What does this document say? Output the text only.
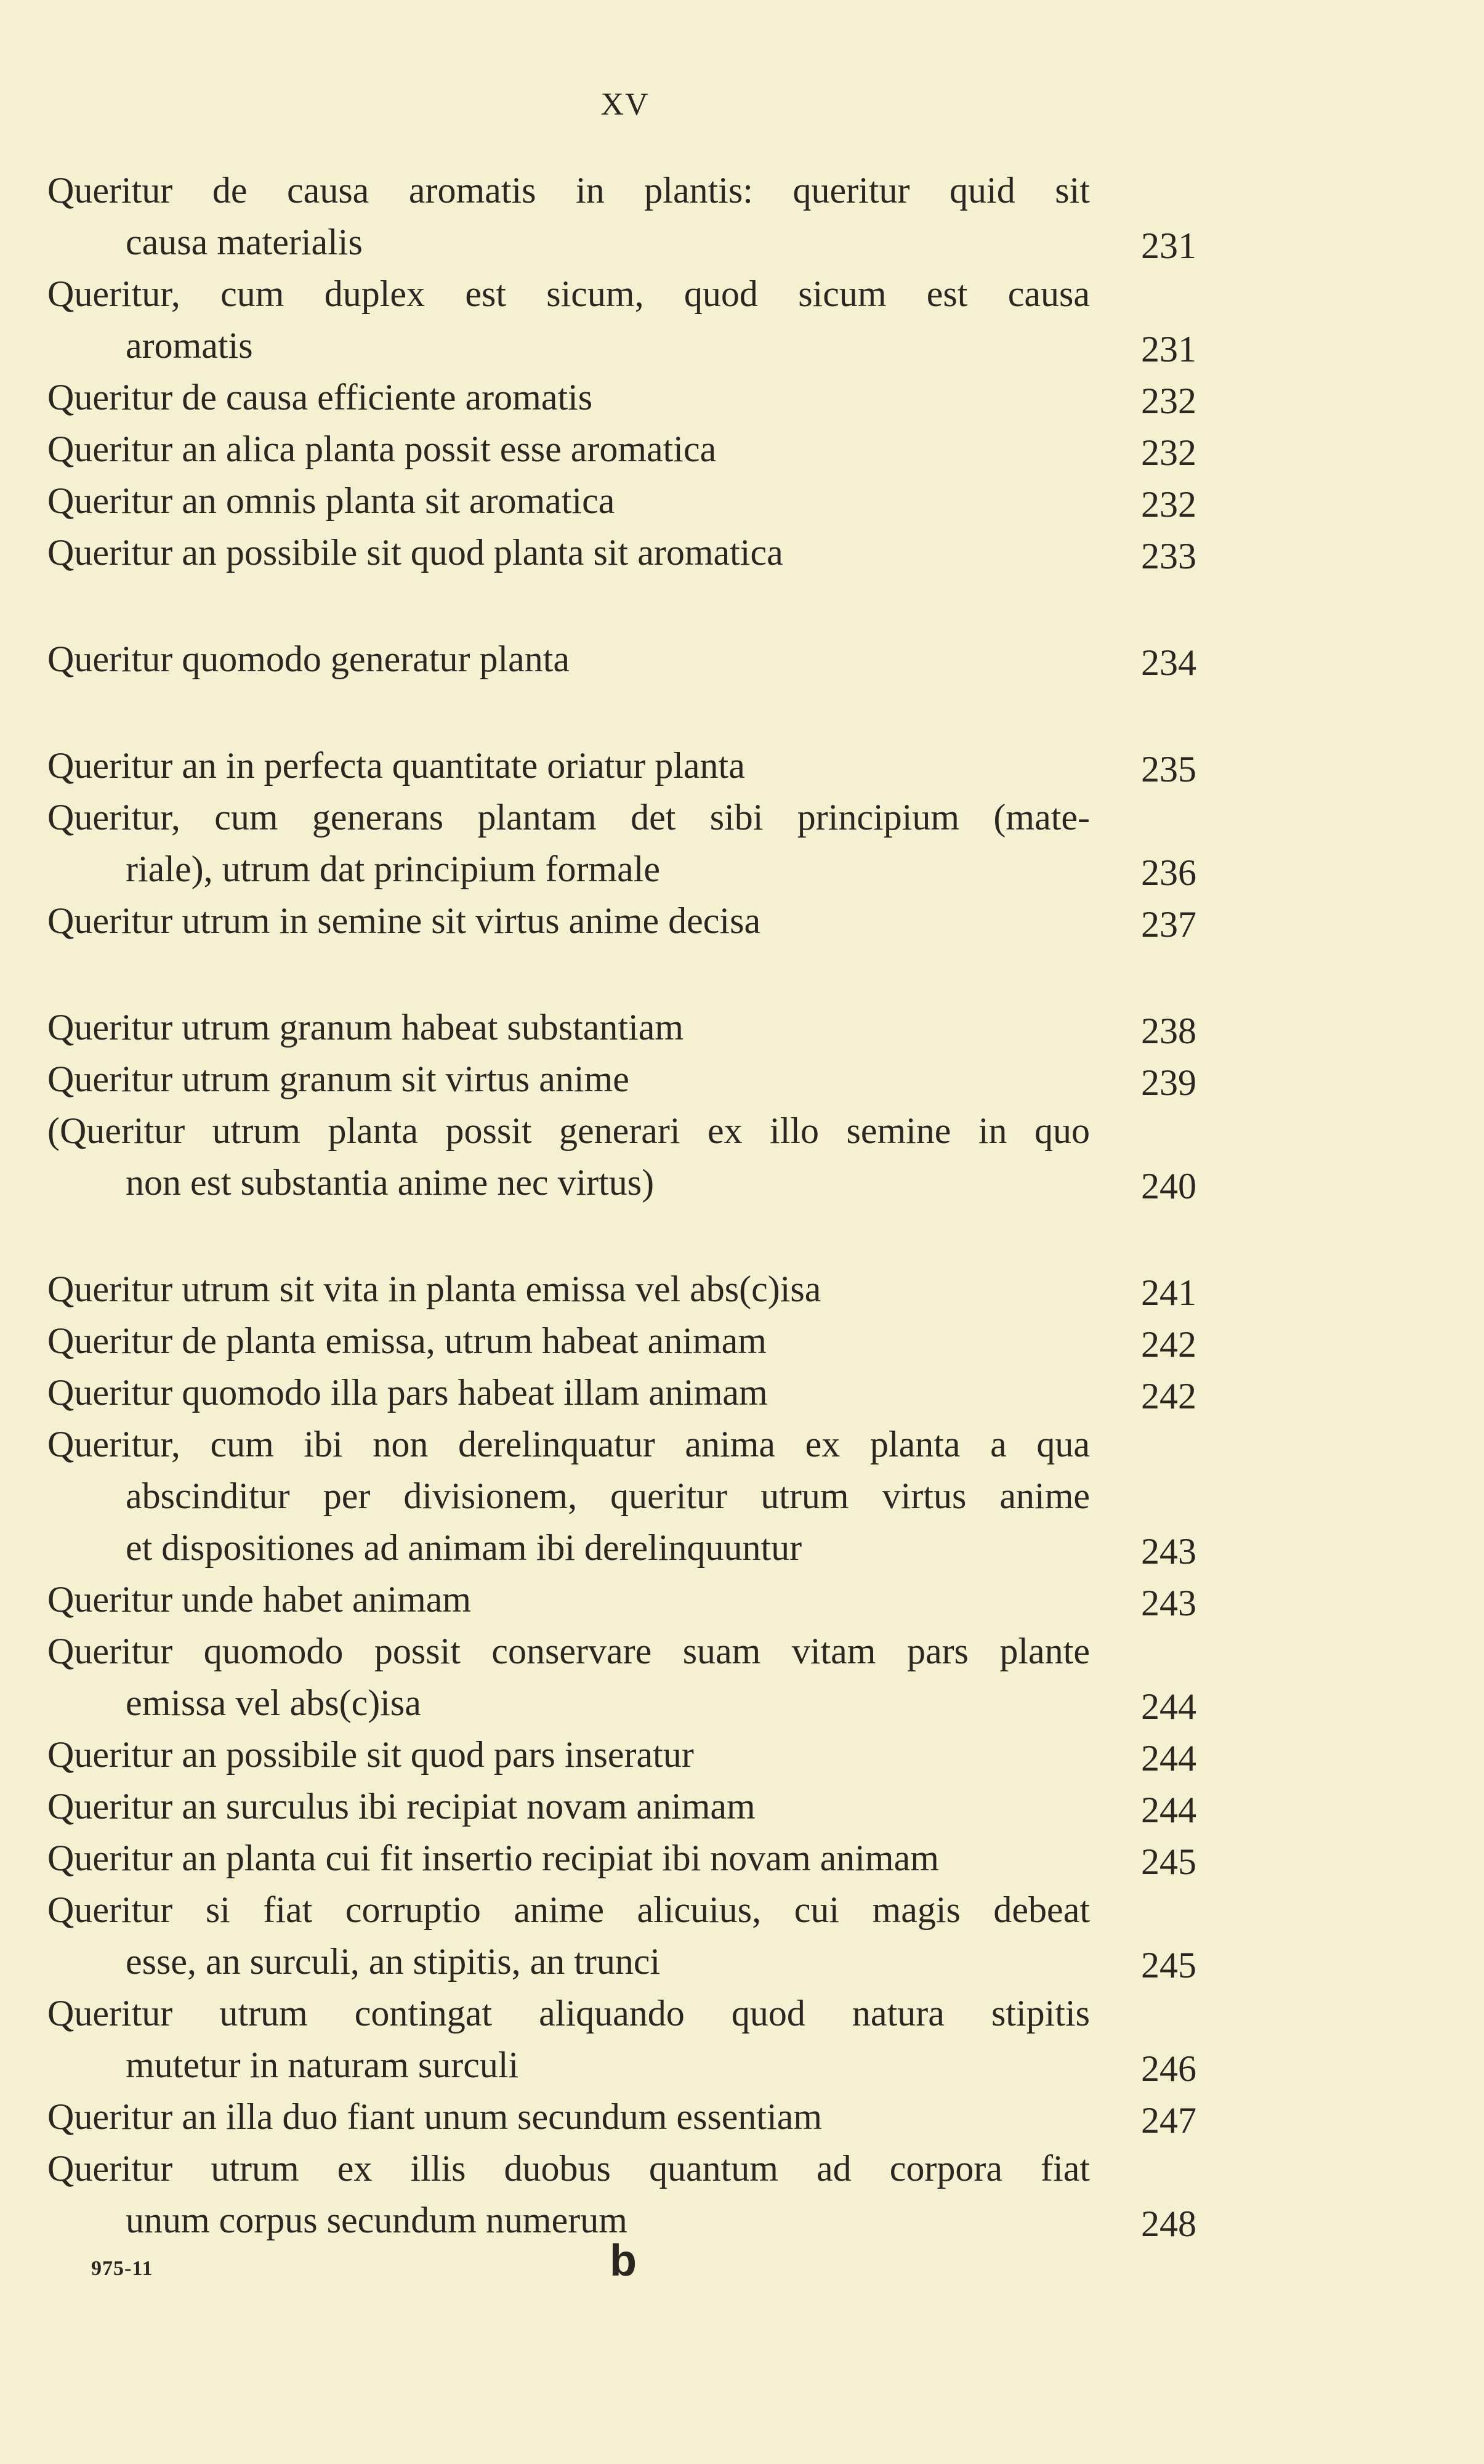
XV
Queritur de causa aromatis in plantis: queritur quid sit
causa materialis	231
Queritur, cum duplex est sicum, quod sicum est causa
aromatis	231
Queritur de causa efficiente aromatis	232
Queritur an alica planta possit esse aromatica	232
Queritur an omnis planta sit aromatica	232
Queritur an possibile sit quod planta sit aromatica	233
Queritur quomodo generatur planta	234
Queritur an in perfecta quantitate oriatur planta	235
Queritur, cum generans plantam det sibi principium (mate-
riale), utrum dat principium formale	236
Queritur utrum in semine sit virtus anime decisa	237
Queritur utrum granum habeat substantiam	238
Queritur utrum granum sit virtus anime	239
(Queritur utrum planta possit generari ex illo semine in quo
non est substantia anime nec virtus)	240
Queritur utrum sit vita in planta emissa vel abs(c)isa	241
Queritur de planta emissa, utrum habeat animam	242
Queritur quomodo illa pars habeat illam animam	242
Queritur, cum ibi non derelinquatur anima ex planta a qua
abscinditur per divisionem, queritur utrum virtus anime
et dispositiones ad animam ibi derelinquuntur	243
Queritur unde habet animam	243
Queritur quomodo possit conservare suam vitam pars plante
emissa vel abs(c)isa	244
Queritur an possibile sit quod pars inseratur	244
Queritur an surculus ibi recipiat novam animam	244
Queritur an planta cui fit insertio recipiat ibi novam animam	245
Queritur si fiat corruptio anime alicuius, cui magis debeat
esse, an surculi, an stipitis, an trunci	245
Queritur utrum contingat aliquando quod natura stipitis
mutetur in naturam surculi	246
Queritur an illa duo fiant unum secundum essentiam	247
Queritur utrum ex illis duobus quantum ad corpora fiat
unum corpus secundum numerum	248
975-11	b
